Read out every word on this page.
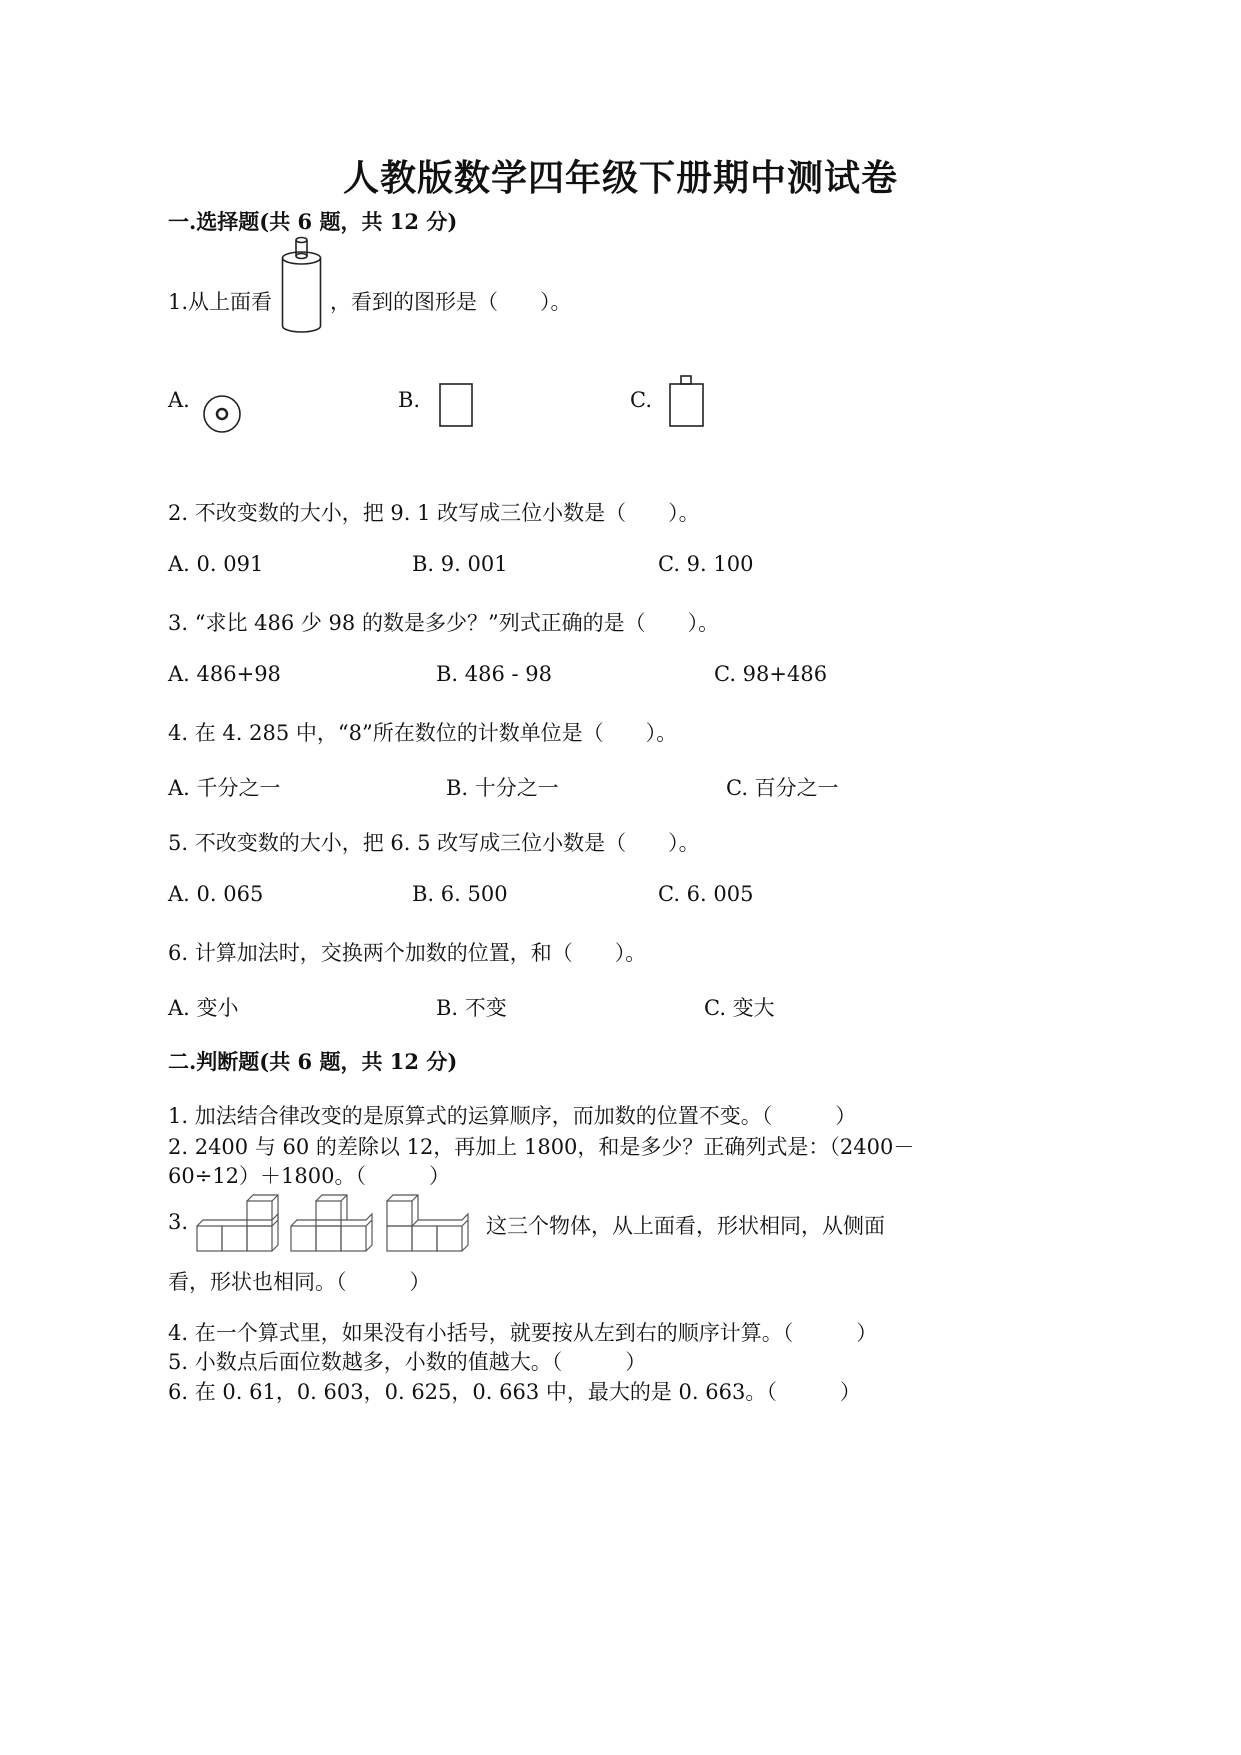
人教版数学四年级下册期中测试卷
一.选择题(共 6 题，共 12 分)
1.从上面看	，看到的图形是（　　）。
A.	B.	C.
2. 不改变数的大小，把 9. 1 改写成三位小数是（　　）。
A. 0. 091	B. 9. 001	C. 9. 100
3. “求比 486 少 98 的数是多少？”列式正确的是（　　）。
A. 486+98	B. 486 - 98	C. 98+486
4. 在 4. 285 中，“8”所在数位的计数单位是（　　）。
A. 千分之一	B. 十分之一	C. 百分之一
5. 不改变数的大小，把 6. 5 改写成三位小数是（　　）。
A. 0. 065	B. 6. 500	C. 6. 005
6. 计算加法时，交换两个加数的位置，和（　　）。
A. 变小	B. 不变	C. 变大
二.判断题(共 6 题，共 12 分)
1. 加法结合律改变的是原算式的运算顺序，而加数的位置不变。（　　　）
2. 2400 与 60 的差除以 12，再加上 1800，和是多少？正确列式是：（2400－
60÷12）＋1800。（　　　）
3.	这三个物体，从上面看，形状相同，从侧面
看，形状也相同。（　　　）
4. 在一个算式里，如果没有小括号，就要按从左到右的顺序计算。（　　　）
5. 小数点后面位数越多，小数的值越大。（　　　）
6. 在 0. 61，0. 603，0. 625，0. 663 中，最大的是 0. 663。（　　　）
